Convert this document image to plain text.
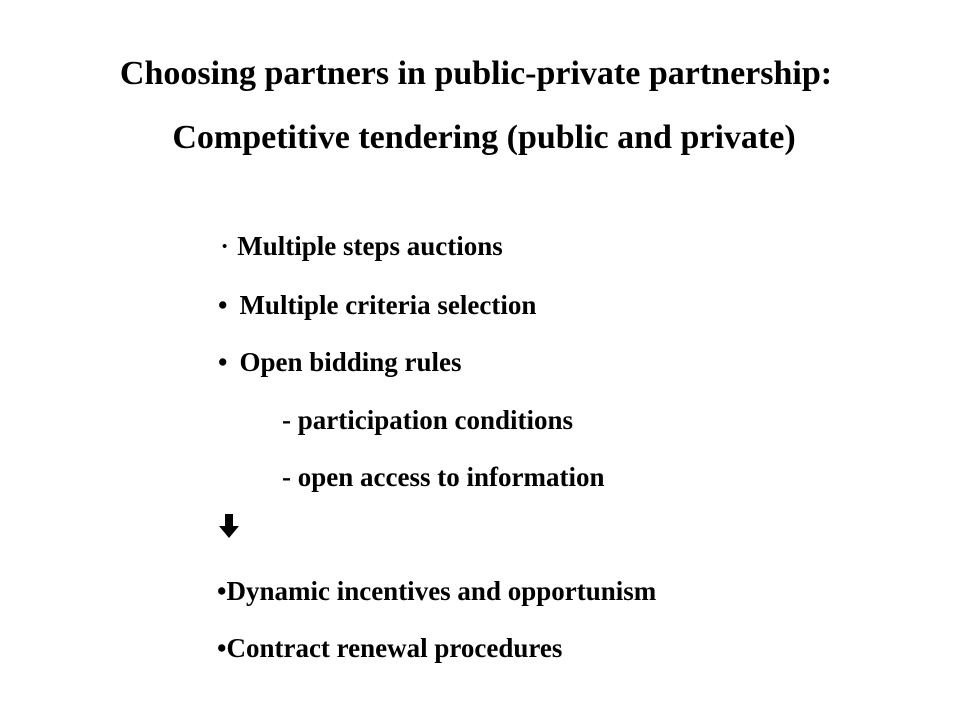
Choosing partners in public-private partnership:
Competitive tendering (public and private)
• Multiple steps auctions
• Multiple criteria selection
• Open bidding rules
- participation conditions
- open access to information
•Dynamic incentives and opportunism
•Contract renewal procedures
